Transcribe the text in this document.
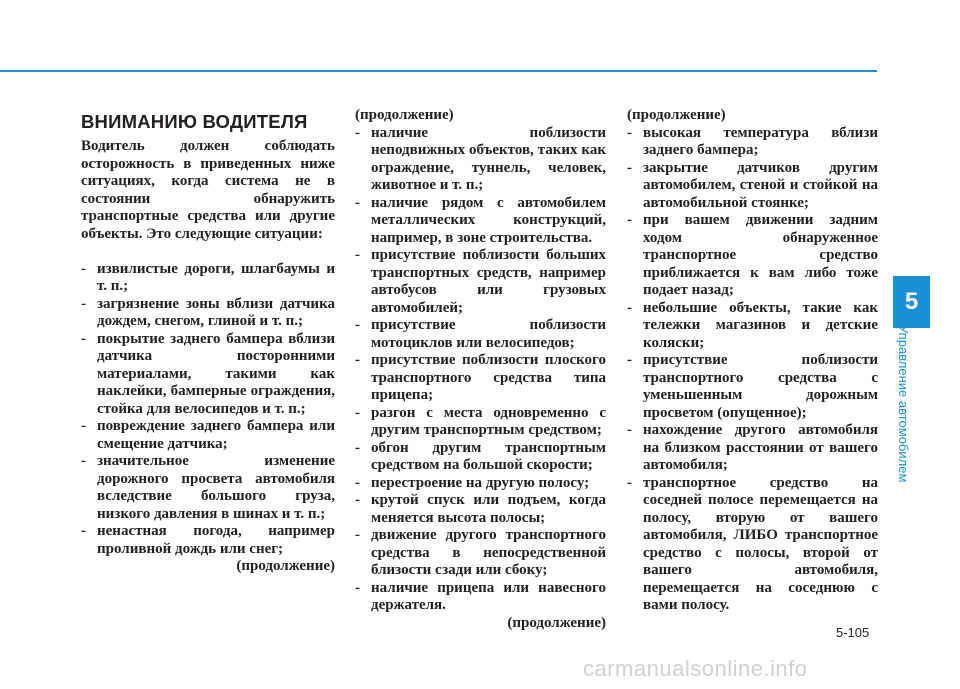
ВНИМАНИЮ ВОДИТЕЛЯ

Водитель должен соблюдать осторожность в приведенных ниже ситуациях, когда система не в состоянии обнаружить транспортные средства или другие объекты. Это следующие ситуации:

- извилистые дороги, шлагбаумы и т. п.;
- загрязнение зоны вблизи датчика дождем, снегом, глиной и т. п.;
- покрытие заднего бампера вблизи датчика посторонними материалами, такими как наклейки, бамперные ограждения, стойка для велосипедов и т. п.;
- повреждение заднего бампера или смещение датчика;
- значительное изменение дорожного просвета автомобиля вследствие большого груза, низкого давления в шинах и т. п.;
- ненастная погода, например проливной дождь или снег;

(продолжение)

(продолжение)

- наличие поблизости неподвижных объектов, таких как ограждение, туннель, человек, животное и т. п.;
- наличие рядом с автомобилем металлических конструкций, например, в зоне строительства.
- присутствие поблизости больших транспортных средств, например автобусов или грузовых автомобилей;
- присутствие поблизости мотоциклов или велосипедов;
- присутствие поблизости плоского транспортного средства типа прицепа;
- разгон с места одновременно с другим транспортным средством;
- обгон другим транспортным средством на большой скорости;
- перестроение на другую полосу;
- крутой спуск или подъем, когда меняется высота полосы;
- движение другого транспортного средства в непосредственной близости сзади или сбоку;
- наличие прицепа или навесного держателя.

(продолжение)

(продолжение)

- высокая температура вблизи заднего бампера;
- закрытие датчиков другим автомобилем, стеной и стойкой на автомобильной стоянке;
- при вашем движении задним ходом обнаруженное транспортное средство приближается к вам либо тоже подает назад;
- небольшие объекты, такие как тележки магазинов и детские коляски;
- присутствие поблизости транспортного средства с уменьшенным дорожным просветом (опущенное);
- нахождение другого автомобиля на близком расстоянии от вашего автомобиля;
- транспортное средство на соседней полосе перемещается на полосу, вторую от вашего автомобиля, ЛИБО транспортное средство с полосы, второй от вашего автомобиля, перемещается на соседнюю с вами полосу.
5
Управление автомобилем
5-105
carmanualsonline.info
